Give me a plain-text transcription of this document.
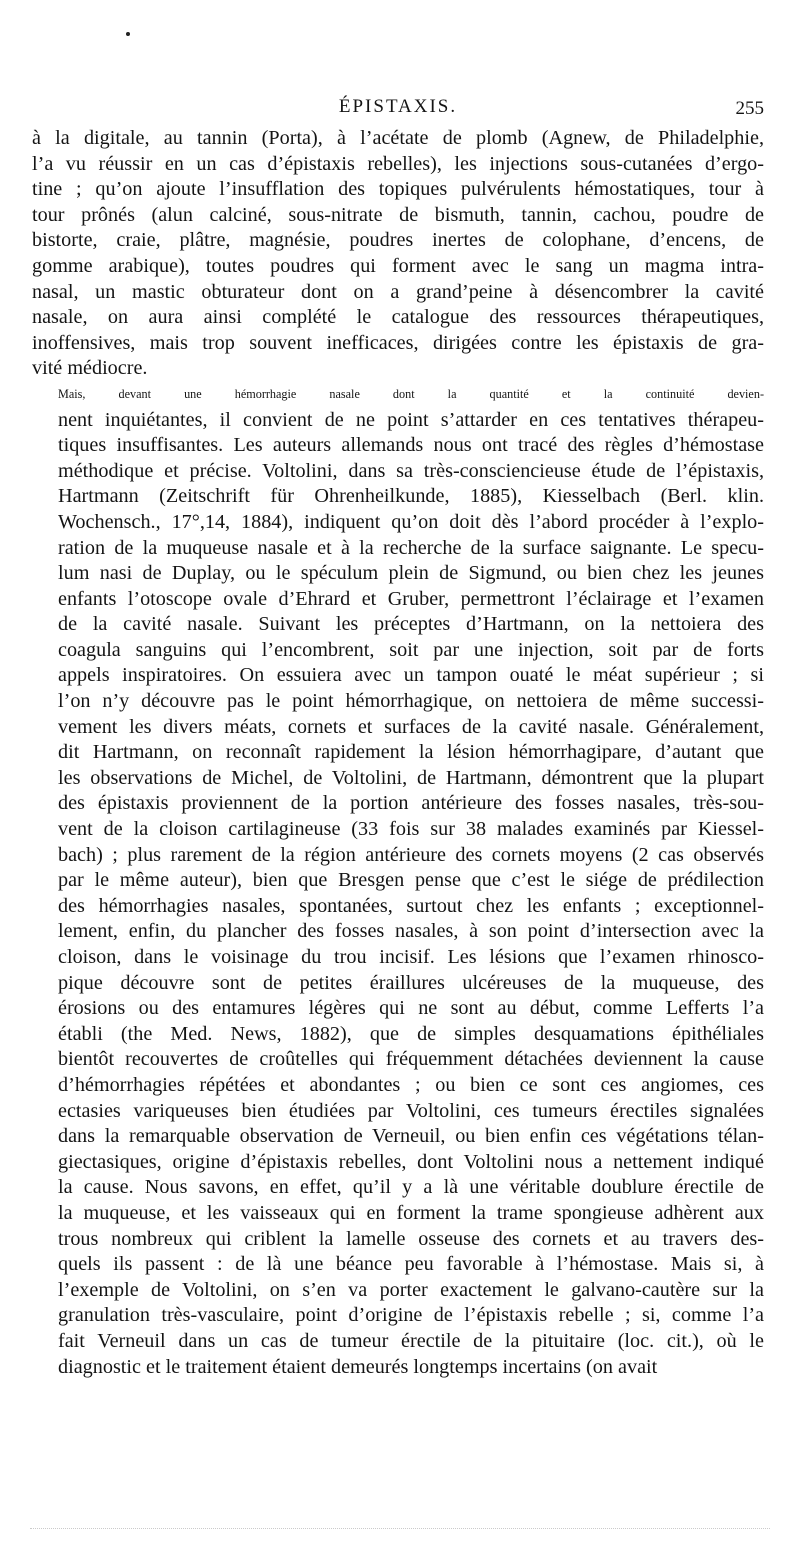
ÉPISTAXIS.	255

à la digitale, au tannin (Porta), à l’acétate de plomb (Agnew, de Philadelphie,
l’a vu réussir en un cas d’épistaxis rebelles), les injections sous-cutanées d’ergo-
tine ; qu’on ajoute l’insufflation des topiques pulvérulents hémostatiques, tour à
tour prônés (alun calciné, sous-nitrate de bismuth, tannin, cachou, poudre de
bistorte, craie, plâtre, magnésie, poudres inertes de colophane, d’encens, de
gomme arabique), toutes poudres qui forment avec le sang un magma intra-
nasal, un mastic obturateur dont on a grand’peine à désencombrer la cavité
nasale, on aura ainsi complété le catalogue des ressources thérapeutiques,
inoffensives, mais trop souvent inefficaces, dirigées contre les épistaxis de gra-
vité médiocre.

Mais, devant une hémorrhagie nasale dont la quantité et la continuité devien-
nent inquiétantes, il convient de ne point s’attarder en ces tentatives thérapeu-
tiques insuffisantes. Les auteurs allemands nous ont tracé des règles d’hémostase
méthodique et précise. Voltolini, dans sa très-consciencieuse étude de l’épistaxis,
Hartmann (Zeitschrift für Ohrenheilkunde, 1885), Kiesselbach (Berl. klin.
Wochensch., 17°,14, 1884), indiquent qu’on doit dès l’abord procéder à l’explo-
ration de la muqueuse nasale et à la recherche de la surface saignante. Le specu-
lum nasi de Duplay, ou le spéculum plein de Sigmund, ou bien chez les jeunes
enfants l’otoscope ovale d’Ehrard et Gruber, permettront l’éclairage et l’examen
de la cavité nasale. Suivant les préceptes d’Hartmann, on la nettoiera des
coagula sanguins qui l’encombrent, soit par une injection, soit par de forts
appels inspiratoires. On essuiera avec un tampon ouaté le méat supérieur ; si
l’on n’y découvre pas le point hémorrhagique, on nettoiera de même successi-
vement les divers méats, cornets et surfaces de la cavité nasale. Généralement,
dit Hartmann, on reconnaît rapidement la lésion hémorrhagipare, d’autant que
les observations de Michel, de Voltolini, de Hartmann, démontrent que la plupart
des épistaxis proviennent de la portion antérieure des fosses nasales, très-sou-
vent de la cloison cartilagineuse (33 fois sur 38 malades examinés par Kiessel-
bach) ; plus rarement de la région antérieure des cornets moyens (2 cas observés
par le même auteur), bien que Bresgen pense que c’est le siége de prédilection
des hémorrhagies nasales, spontanées, surtout chez les enfants ; exceptionnel-
lement, enfin, du plancher des fosses nasales, à son point d’intersection avec la
cloison, dans le voisinage du trou incisif. Les lésions que l’examen rhinosco-
pique découvre sont de petites éraillures ulcéreuses de la muqueuse, des
érosions ou des entamures légères qui ne sont au début, comme Lefferts l’a
établi (the Med. News, 1882), que de simples desquamations épithéliales
bientôt recouvertes de croûtelles qui fréquemment détachées deviennent la cause
d’hémorrhagies répétées et abondantes ; ou bien ce sont ces angiomes, ces
ectasies variqueuses bien étudiées par Voltolini, ces tumeurs érectiles signalées
dans la remarquable observation de Verneuil, ou bien enfin ces végétations télan-
giectasiques, origine d’épistaxis rebelles, dont Voltolini nous a nettement indiqué
la cause. Nous savons, en effet, qu’il y a là une véritable doublure érectile de
la muqueuse, et les vaisseaux qui en forment la trame spongieuse adhèrent aux
trous nombreux qui criblent la lamelle osseuse des cornets et au travers des-
quels ils passent : de là une béance peu favorable à l’hémostase. Mais si, à
l’exemple de Voltolini, on s’en va porter exactement le galvano-cautère sur la
granulation très-vasculaire, point d’origine de l’épistaxis rebelle ; si, comme l’a
fait Verneuil dans un cas de tumeur érectile de la pituitaire (loc. cit.), où le
diagnostic et le traitement étaient demeurés longtemps incertains (on avait
